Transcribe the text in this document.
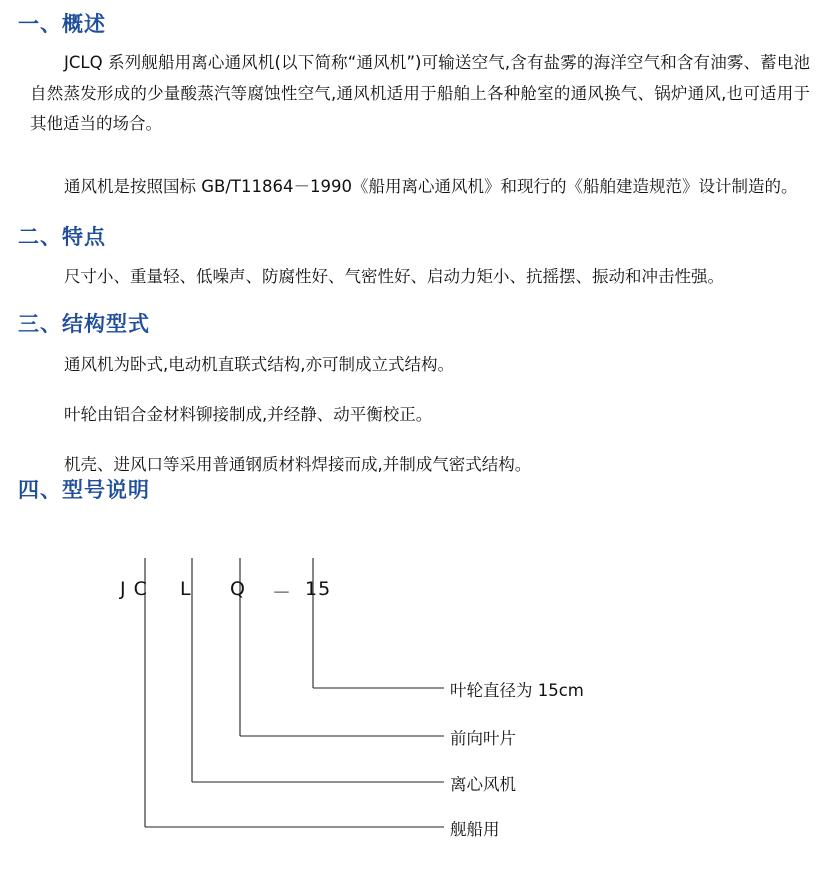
一、概述

JCLQ 系列舰船用离心通风机(以下简称“通风机”)可输送空气,含有盐雾的海洋空气和含有油雾、蓄电池自然蒸发形成的少量酸蒸汽等腐蚀性空气,通风机适用于船舶上各种舱室的通风换气、锅炉通风,也可适用于其他适当的场合。

通风机是按照国标 GB/T11864－1990《船用离心通风机》和现行的《船舶建造规范》设计制造的。

二、特点

尺寸小、重量轻、低噪声、防腐性好、气密性好、启动力矩小、抗摇摆、振动和冲击性强。

三、结构型式

通风机为卧式,电动机直联式结构,亦可制成立式结构。

叶轮由铝合金材料铆接制成,并经静、动平衡校正。

机壳、进风口等采用普通钢质材料焊接而成,并制成气密式结构。

四、型号说明
J C L Q － 15
叶轮直径为 15cm
前向叶片
离心风机
舰船用
